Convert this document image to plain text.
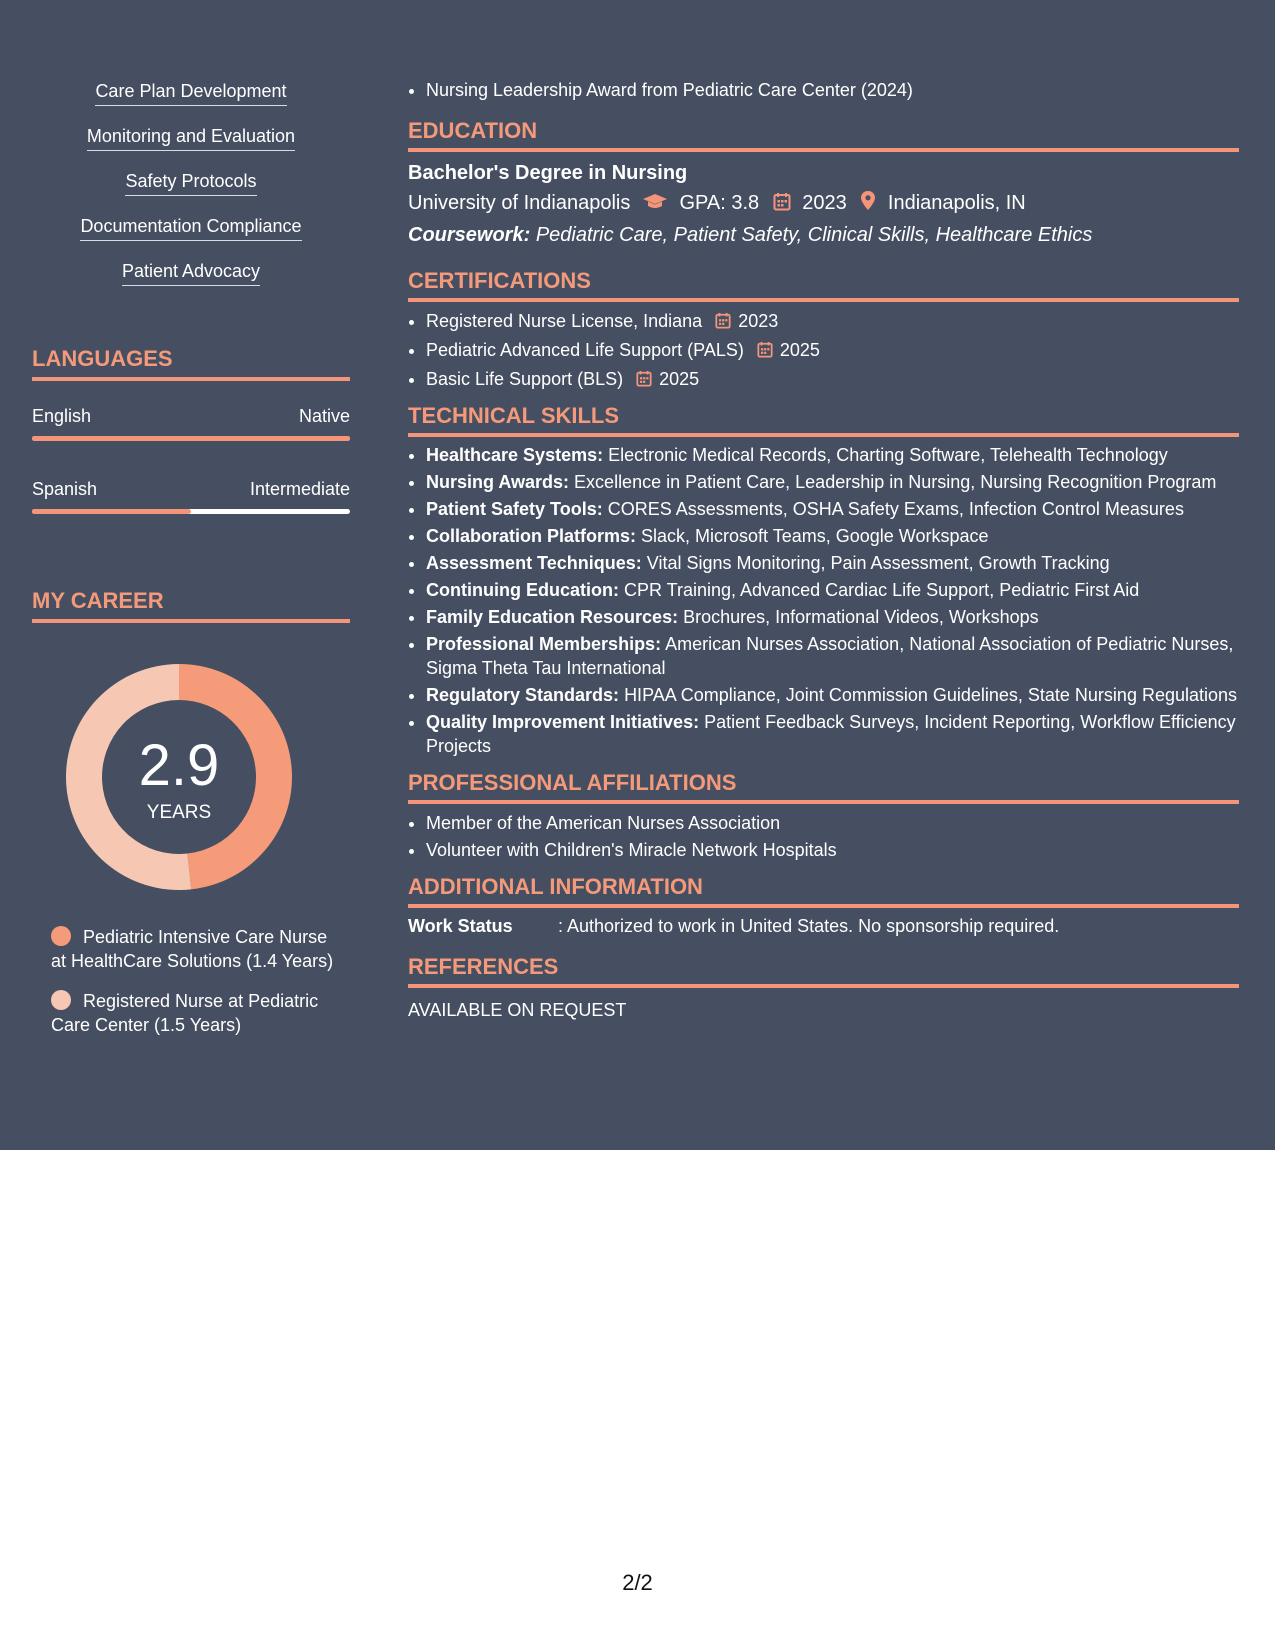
Care Plan Development
Monitoring and Evaluation
Safety Protocols
Documentation Compliance
Patient Advocacy
LANGUAGES
English	Native
Spanish	Intermediate
MY CAREER
2.9
YEARS
Pediatric Intensive Care Nurse at HealthCare Solutions (1.4 Years)
Registered Nurse at Pediatric Care Center (1.5 Years)
• Nursing Leadership Award from Pediatric Care Center (2024)
EDUCATION
Bachelor's Degree in Nursing
University of Indianapolis GPA: 3.8 2023 Indianapolis, IN
Coursework: Pediatric Care, Patient Safety, Clinical Skills, Healthcare Ethics
CERTIFICATIONS
• Registered Nurse License, Indiana 2023
• Pediatric Advanced Life Support (PALS) 2025
• Basic Life Support (BLS) 2025
TECHNICAL SKILLS
• Healthcare Systems: Electronic Medical Records, Charting Software, Telehealth Technology
• Nursing Awards: Excellence in Patient Care, Leadership in Nursing, Nursing Recognition Program
• Patient Safety Tools: CORES Assessments, OSHA Safety Exams, Infection Control Measures
• Collaboration Platforms: Slack, Microsoft Teams, Google Workspace
• Assessment Techniques: Vital Signs Monitoring, Pain Assessment, Growth Tracking
• Continuing Education: CPR Training, Advanced Cardiac Life Support, Pediatric First Aid
• Family Education Resources: Brochures, Informational Videos, Workshops
• Professional Memberships: American Nurses Association, National Association of Pediatric Nurses, Sigma Theta Tau International
• Regulatory Standards: HIPAA Compliance, Joint Commission Guidelines, State Nursing Regulations
• Quality Improvement Initiatives: Patient Feedback Surveys, Incident Reporting, Workflow Efficiency Projects
PROFESSIONAL AFFILIATIONS
• Member of the American Nurses Association
• Volunteer with Children's Miracle Network Hospitals
ADDITIONAL INFORMATION
Work Status	: Authorized to work in United States. No sponsorship required.
REFERENCES
AVAILABLE ON REQUEST
2/2
